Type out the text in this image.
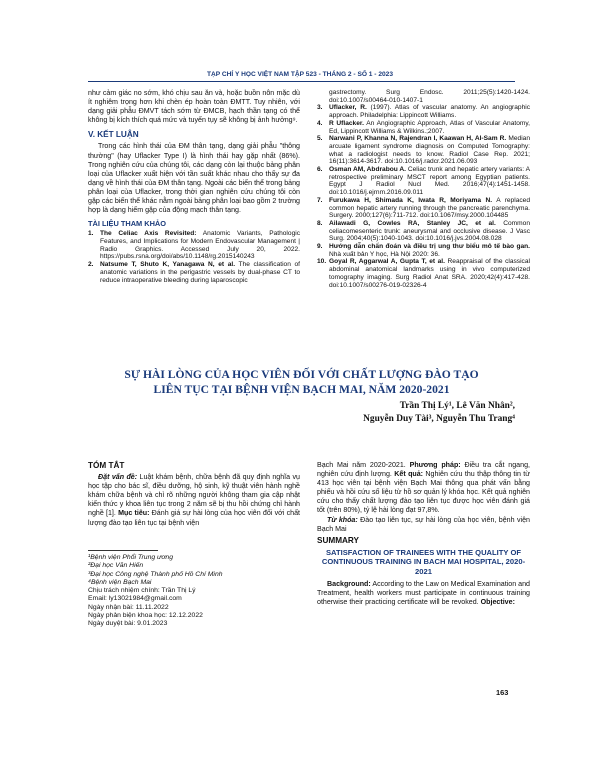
TẠP CHÍ Y HỌC VIỆT NAM TẬP 523 - THÁNG 2 - SỐ 1 - 2023

như cảm giác no sớm, khó chịu sau ăn và, hoặc buồn nôn mặc dù ít nghiêm trọng hơn khi chèn ép hoàn toàn ĐMTT. Tuy nhiên, với dạng giải phẫu ĐMVT tách sớm từ ĐMCB, hạch thần tạng có thể không bị kích thích quá mức và tuyến tụy sẽ không bị ảnh hưởng⁹.

V. KẾT LUẬN

Trong các hình thái của ĐM thân tạng, dạng giải phẫu "thông thường" (hay Uflacker Type I) là hình thái hay gặp nhất (86%). Trong nghiên cứu của chúng tôi, các dạng còn lại thuộc bảng phân loại của Uflacker xuất hiện với tần suất khác nhau cho thấy sự đa dạng về hình thái của ĐM thân tạng. Ngoài các biến thể trong bảng phân loại của Uflacker, trong thời gian nghiên cứu chúng tôi còn gặp các biến thể khác nằm ngoài bảng phân loại bao gồm 2 trường hợp là dạng hiếm gặp của động mạch thân tạng.

TÀI LIỆU THAM KHẢO
1. The Celiac Axis Revisited: Anatomic Variants, Pathologic Features, and Implications for Modern Endovascular Management | Radio Graphics. Accessed July 20, 2022. https://pubs.rsna.org/doi/abs/10.1148/rg.2015140243
2. Natsume T, Shuto K, Yanagawa N, et al. The classification of anatomic variations in the perigastric vessels by dual-phase CT to reduce intraoperative bleeding during laparoscopic
gastrectomy. Surg Endosc. 2011;25(5):1420-1424. doi:10.1007/s00464-010-1407-1
3. Uflacker, R. (1997). Atlas of vascular anatomy. An angiographic approach. Philadelphia: Lippincott Williams.
4. R Uflacker. An Angiographic Approach, Atlas of Vascular Anatomy, Ed, Lippincott Williams & Wilkins.;2007.
5. Narwani P, Khanna N, Rajendran I, Kaawan H, Al-Sam R. Median arcuate ligament syndrome diagnosis on Computed Tomography: what a radiologist needs to know. Radiol Case Rep. 2021; 16(11):3614-3617. doi:10.1016/j.radcr.2021.06.093
6. Osman AM, Abdrabou A. Celiac trunk and hepatic artery variants: A retrospective preliminary MSCT report among Egyptian patients. Egypt J Radiol Nucl Med. 2016;47(4):1451-1458. doi:10.1016/j.ejrnm.2016.09.011
7. Furukawa H, Shimada K, Iwata R, Moriyama N. A replaced common hepatic artery running through the pancreatic parenchyma. Surgery. 2000;127(6):711-712. doi:10.1067/msy.2000.104485
8. Ailawadi G, Cowles RA, Stanley JC, et al. Common celiacomesenteric trunk: aneurysmal and occlusive disease. J Vasc Surg. 2004;40(5):1040-1043. doi:10.1016/j.jvs.2004.08.028
9. Hướng dẫn chẩn đoán và điều trị ung thư biểu mô tế bào gan. Nhà xuất bản Y học, Hà Nội 2020: 36.
10. Goyal R, Aggarwal A, Gupta T, et al. Reappraisal of the classical abdominal anatomical landmarks using in vivo computerized tomography imaging. Surg Radiol Anat SRA. 2020;42(4):417-428. doi:10.1007/s00276-019-02326-4
SỰ HÀI LÒNG CỦA HỌC VIÊN ĐỐI VỚI CHẤT LƯỢNG ĐÀO TẠO
LIÊN TỤC TẠI BỆNH VIỆN BẠCH MAI, NĂM 2020-2021
Trần Thị Lý¹, Lê Văn Nhân²,
Nguyễn Duy Tài³, Nguyễn Thu Trang⁴
TÓM TẮT

Đặt vấn đề: Luật khám bệnh, chữa bệnh đã quy định nghĩa vụ học tập cho bác sĩ, điều dưỡng, hộ sinh, kỹ thuật viên hành nghề khám chữa bệnh và chỉ rõ những người không tham gia cập nhật kiến thức y khoa liên tục trong 2 năm sẽ bị thu hồi chứng chỉ hành nghề [1]. Mục tiêu: Đánh giá sự hài lòng của học viên đối với chất lượng đào tạo liên tục tại bệnh viện

¹Bệnh viện Phổi Trung ương
²Đại học Văn Hiến
³Đại học Công nghệ Thành phố Hồ Chí Minh
⁴Bệnh viện Bạch Mai
Chịu trách nhiệm chính: Trần Thị Lý
Email: ly13021984@gmail.com
Ngày nhận bài: 11.11.2022
Ngày phản biện khoa học: 12.12.2022
Ngày duyệt bài: 9.01.2023

Bạch Mai năm 2020-2021. Phương pháp: Điều tra cắt ngang, nghiên cứu định lượng. Kết quả: Nghiên cứu thu thập thông tin từ 413 học viên tại bệnh viện Bạch Mai thông qua phát vấn bằng phiếu và hồi cứu số liệu từ hồ sơ quản lý khóa học. Kết quả nghiên cứu cho thấy chất lượng đào tạo liên tục được học viên đánh giá tốt (trên 80%), tỷ lệ hài lòng đạt 97,8%.

Từ khóa: Đào tạo liên tục, sự hài lòng của học viên, bệnh viện Bạch Mai

SUMMARY
SATISFACTION OF TRAINEES WITH THE QUALITY OF CONTINUOUS TRAINING IN BACH MAI HOSPITAL, 2020-2021

Background: According to the Law on Medical Examination and Treatment, health workers must participate in continuous training otherwise their practicing certificate will be revoked. Objective:

163
